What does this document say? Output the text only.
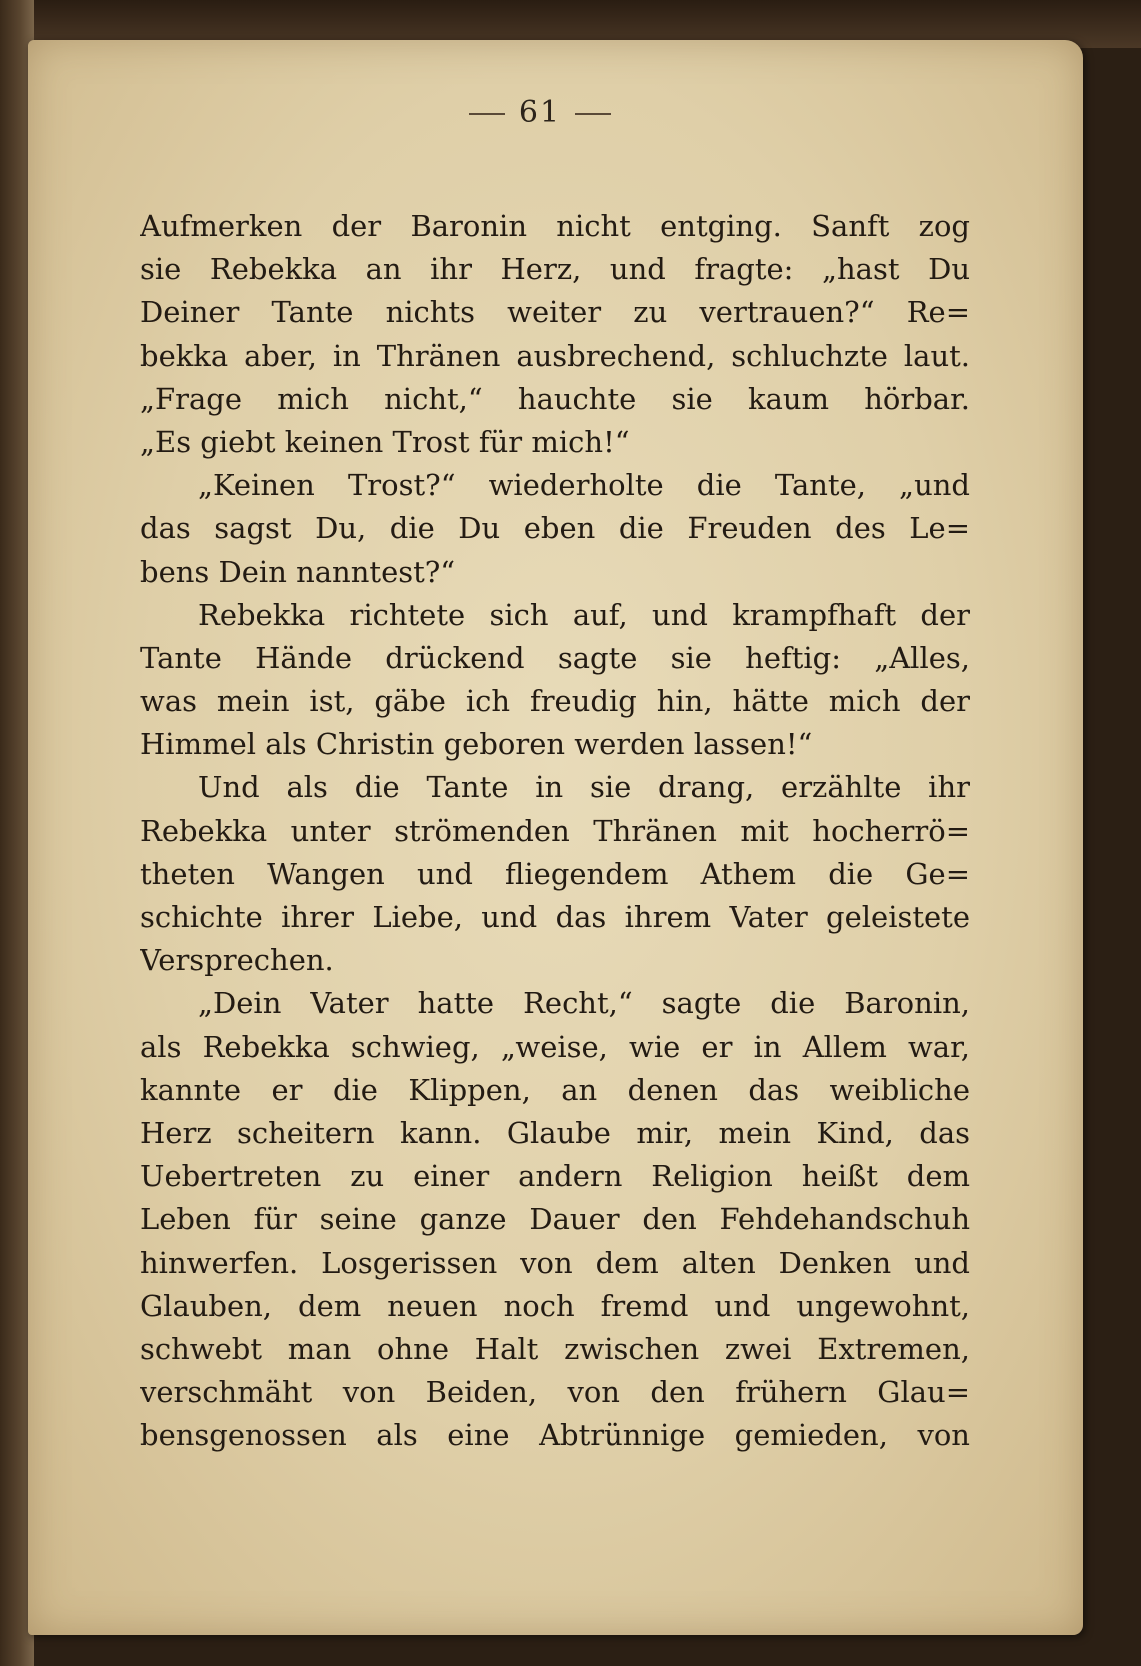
61
Aufmerken der Baronin nicht entging. Sanft zog
sie Rebekka an ihr Herz, und fragte: „hast Du
Deiner Tante nichts weiter zu vertrauen?“ Re=
bekka aber, in Thränen ausbrechend, schluchzte laut.
„Frage mich nicht,“ hauchte sie kaum hörbar.
„Es giebt keinen Trost für mich!“
„Keinen Trost?“ wiederholte die Tante, „und
das sagst Du, die Du eben die Freuden des Le=
bens Dein nanntest?“
Rebekka richtete sich auf, und krampfhaft der
Tante Hände drückend sagte sie heftig: „Alles,
was mein ist, gäbe ich freudig hin, hätte mich der
Himmel als Christin geboren werden lassen!“
Und als die Tante in sie drang, erzählte ihr
Rebekka unter strömenden Thränen mit hocherrö=
theten Wangen und fliegendem Athem die Ge=
schichte ihrer Liebe, und das ihrem Vater geleistete
Versprechen.
„Dein Vater hatte Recht,“ sagte die Baronin,
als Rebekka schwieg, „weise, wie er in Allem war,
kannte er die Klippen, an denen das weibliche
Herz scheitern kann. Glaube mir, mein Kind, das
Uebertreten zu einer andern Religion heißt dem
Leben für seine ganze Dauer den Fehdehandschuh
hinwerfen. Losgerissen von dem alten Denken und
Glauben, dem neuen noch fremd und ungewohnt,
schwebt man ohne Halt zwischen zwei Extremen,
verschmäht von Beiden, von den frühern Glau=
bensgenossen als eine Abtrünnige gemieden, von
